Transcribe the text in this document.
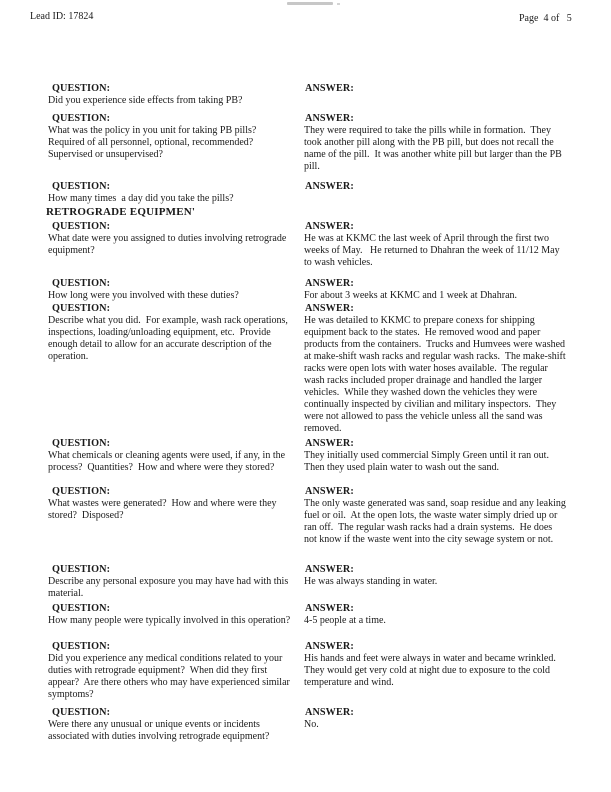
Lead ID: 17824	Page  4 of   5
QUESTION:
Did you experience side effects from taking PB?
ANSWER:
QUESTION:
What was the policy in you unit for taking PB pills?  Required of all personnel, optional, recommended?  Supervised or unsupervised?
ANSWER:
They were required to take the pills while in formation.  They took another pill along with the PB pill, but does not recall the name of the pill.  It was another white pill but larger than the PB pill.
QUESTION:
How many times  a day did you take the pills?
ANSWER:
RETROGRADE EQUIPMEN'
QUESTION:
What date were you assigned to duties involving retrograde equipment?
ANSWER:
He was at KKMC the last week of April through the first two weeks of May.   He returned to Dhahran the week of 11/12 May to wash vehicles.
QUESTION:
How long were you involved with these duties?
ANSWER:
For about 3 weeks at KKMC and 1 week at Dhahran.
QUESTION:
Describe what you did.  For example, wash rack operations, inspections, loading/unloading equipment, etc.  Provide enough detail to allow for an accurate description of the operation.
ANSWER:
He was detailed to KKMC to prepare conexs for shipping equipment back to the states.  He removed wood and paper products from the containers.  Trucks and Humvees were washed at make-shift wash racks and regular wash racks.  The make-shift racks were open lots with water hoses available.  The regular wash racks included proper drainage and handled the larger vehicles.  While they washed down the vehicles they were continually inspected by civilian and military inspectors.  They were not allowed to pass the vehicle unless all the sand was removed.
QUESTION:
What chemicals or cleaning agents were used, if any, in the process?  Quantities?  How and where were they stored?
ANSWER:
They initially used commercial Simply Green until it ran out.  Then they used plain water to wash out the sand.
QUESTION:
What wastes were generated?  How and where were they stored?  Disposed?
ANSWER:
The only waste generated was sand, soap residue and any leaking fuel or oil.  At the open lots, the waste water simply dried up or ran off.  The regular wash racks had a drain systems.  He does not know if the waste went into the city sewage system or not.
QUESTION:
Describe any personal exposure you may have had with this material.
ANSWER:
He was always standing in water.
QUESTION:
How many people were typically involved in this operation?
ANSWER:
4-5 people at a time.
QUESTION:
Did you experience any medical conditions related to your duties with retrograde equipment?  When did they first appear?  Are there others who may have experienced similar symptoms?
ANSWER:
His hands and feet were always in water and became wrinkled.  They would get very cold at night due to exposure to the cold temperature and wind.
QUESTION:
Were there any unusual or unique events or incidents associated with duties involving retrograde equipment?
ANSWER:
No.
